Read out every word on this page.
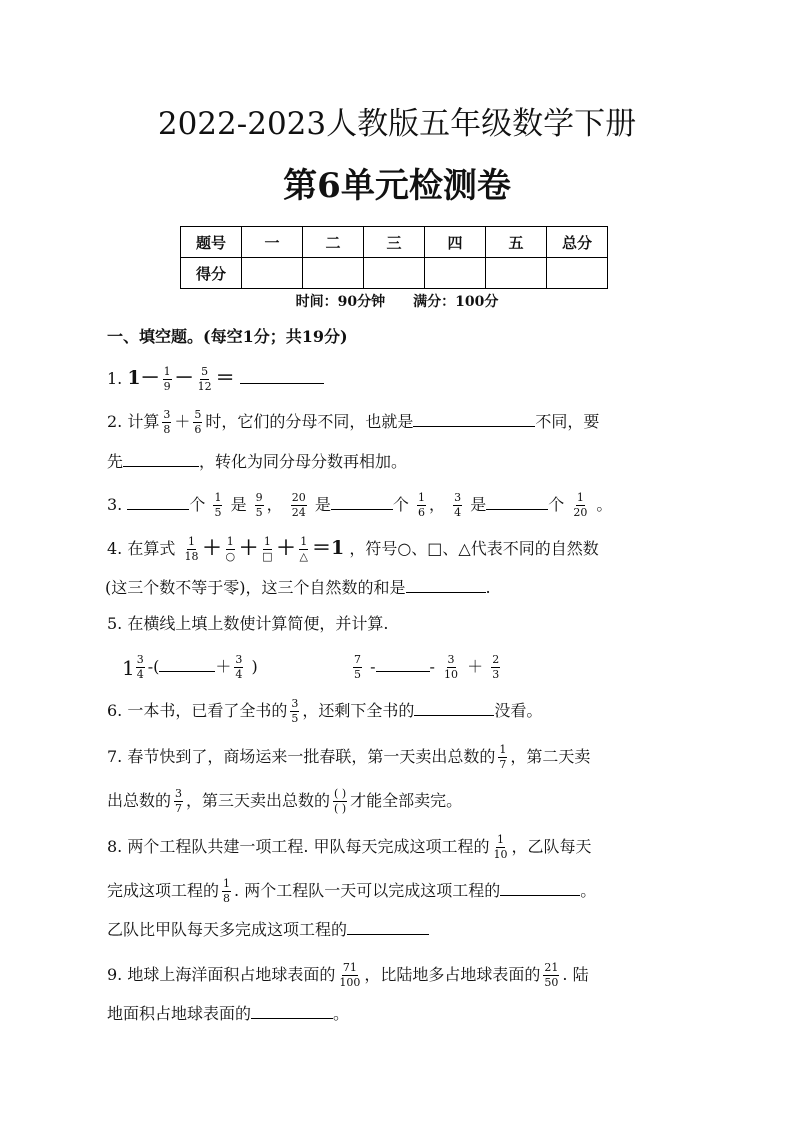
2022-2023人教版五年级数学下册
第6单元检测卷
题号	一	二	三	四	五	总分
得分						
时间：90分钟　　满分：100分
一、填空题。(每空1分；共19分)
1. $1- \frac{1}{9} - \frac{5}{12}$ ＝
2. 计算 $\frac{3}{8} + \frac{5}{6}$ 时，它们的分母不同，也就是	不同，要
先	，转化为同分母分数再相加。
3.	个 $\frac{1}{5}$ 是 $\frac{9}{5}$ ， $\frac{20}{24}$ 是	个 $\frac{1}{6}$ ， $\frac{3}{4}$ 是	个 $\frac{1}{20}$ 。
4. 在算式 $\frac{1}{18} + \frac{1}{○} + \frac{1}{□} + \frac{1}{\triangle} =1$ ，符号○、□、△代表不同的自然数
(这三个数不等于零)，这三个自然数的和是	.
5. 在横线上填上数使计算简便，并计算.
$1 \frac{3}{4}$ -(	＋ $\frac{3}{4}$ )	$\frac{7}{5}$ -	- $\frac{3}{10} + \frac{2}{3}$
6. 一本书，已看了全书的 $\frac{3}{5}$ ，还剩下全书的	没看。
7. 春节快到了，商场运来一批春联，第一天卖出总数的 $\frac{1}{7}$ ，第二天卖
出总数的 $\frac{3}{7}$ ，第三天卖出总数的 $\frac{( )}{( )}$ 才能全部卖完。
8. 两个工程队共建一项工程. 甲队每天完成这项工程的 $\frac{1}{10}$ ，乙队每天
完成这项工程的 $\frac{1}{8}$ . 两个工程队一天可以完成这项工程的	。
乙队比甲队每天多完成这项工程的
9. 地球上海洋面积占地球表面的 $\frac{71}{100}$ ，比陆地多占地球表面的 $\frac{21}{50}$ . 陆
地面积占地球表面的	。
